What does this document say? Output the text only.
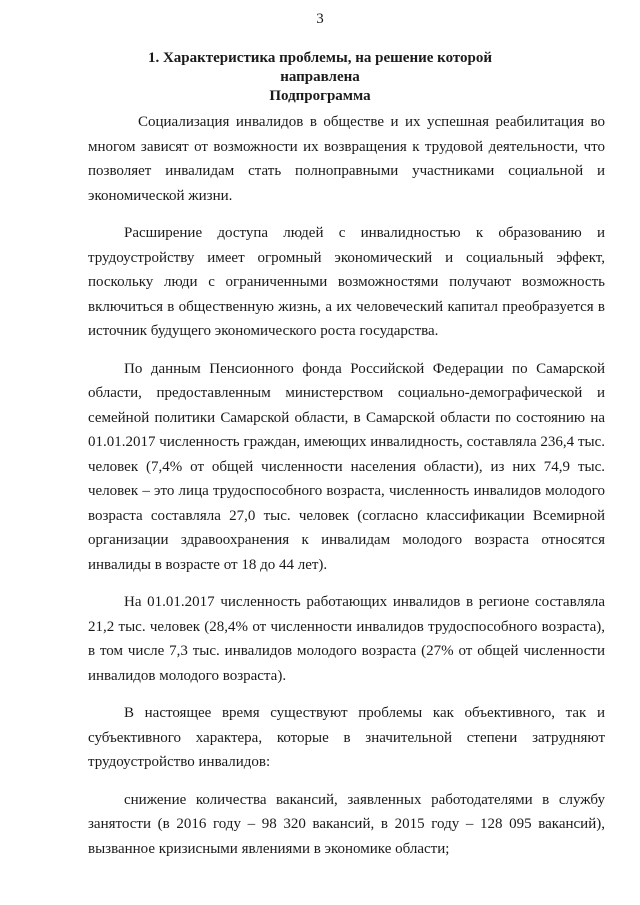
3
1. Характеристика проблемы, на решение которой направлена
Подпрограмма

Социализация инвалидов в обществе и их успешная реабилитация во многом зависят от возможности их возвращения к трудовой деятельности, что позволяет инвалидам стать полноправными участниками социальной и экономической жизни.

Расширение доступа людей с инвалидностью к образованию и трудоустройству имеет огромный экономический и социальный эффект, поскольку люди с ограниченными возможностями получают возможность включиться в общественную жизнь, а их человеческий капитал преобразуется в источник будущего экономического роста государства.

По данным Пенсионного фонда Российской Федерации по Самарской области, предоставленным министерством социально-демографической и семейной политики Самарской области, в Самарской области по состоянию на 01.01.2017 численность граждан, имеющих инвалидность, составляла 236,4 тыс. человек (7,4% от общей численности населения области), из них 74,9 тыс. человек – это лица трудоспособного возраста, численность инвалидов молодого возраста составляла 27,0 тыс. человек (согласно классификации Всемирной организации здравоохранения к инвалидам молодого возраста относятся инвалиды в возрасте от 18 до 44 лет).

На 01.01.2017 численность работающих инвалидов в регионе составляла 21,2 тыс. человек (28,4% от численности инвалидов трудоспособного возраста), в том числе 7,3 тыс. инвалидов молодого возраста (27% от общей численности инвалидов молодого возраста).

В настоящее время существуют проблемы как объективного, так и субъективного характера, которые в значительной степени затрудняют трудоустройство инвалидов:

снижение количества вакансий, заявленных работодателями в службу занятости (в 2016 году – 98 320 вакансий, в 2015 году – 128 095 вакансий), вызванное кризисными явлениями в экономике области;
